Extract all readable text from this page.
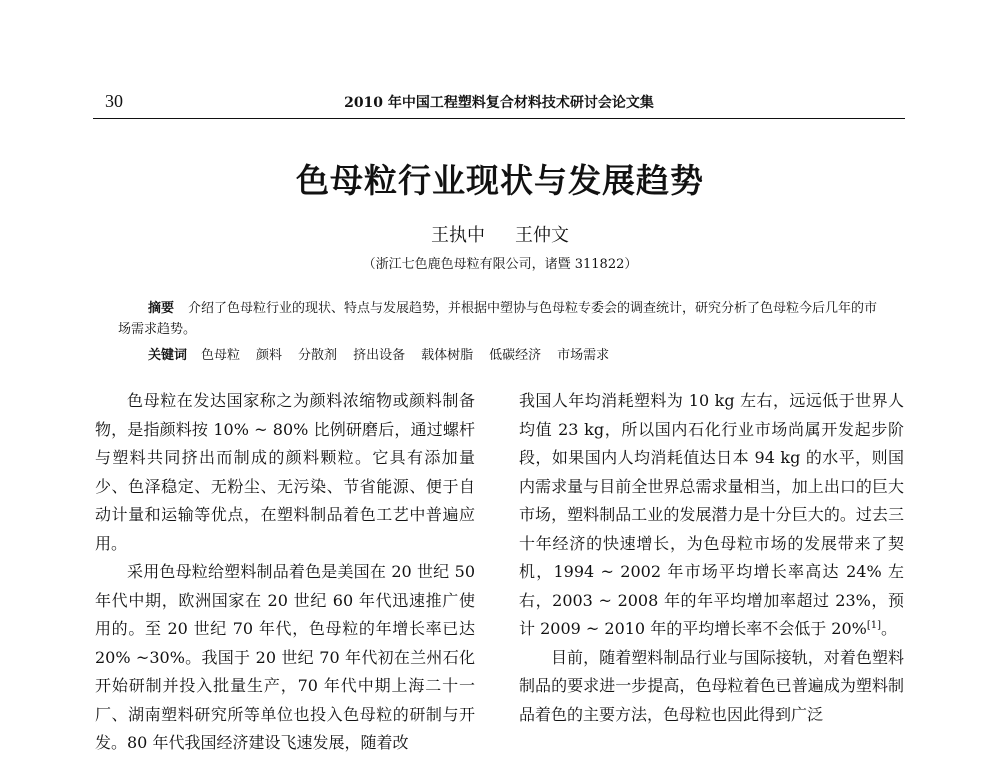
30	2010 年中国工程塑料复合材料技术研讨会论文集
色母粒行业现状与发展趋势
王执中 王仲文
（浙江七色鹿色母粒有限公司，诸暨 311822）
摘要 介绍了色母粒行业的现状、特点与发展趋势，并根据中塑协与色母粒专委会的调查统计，研究分析了色母粒今后几年的市场需求趋势。
关键词 色母粒 颜料 分散剂 挤出设备 载体树脂 低碳经济 市场需求

色母粒在发达国家称之为颜料浓缩物或颜料制备物，是指颜料按 10% ~ 80% 比例研磨后，通过螺杆与塑料共同挤出而制成的颜料颗粒。它具有添加量少、色泽稳定、无粉尘、无污染、节省能源、便于自动计量和运输等优点，在塑料制品着色工艺中普遍应用。

采用色母粒给塑料制品着色是美国在 20 世纪 50 年代中期，欧洲国家在 20 世纪 60 年代迅速推广使用的。至 20 世纪 70 年代，色母粒的年增长率已达20% ~30%。我国于 20 世纪 70 年代初在兰州石化开始研制并投入批量生产，70 年代中期上海二十一厂、湖南塑料研究所等单位也投入色母粒的研制与开发。80 年代我国经济建设飞速发展，随着改

我国人年均消耗塑料为 10 kg 左右，远远低于世界人均值 23 kg，所以国内石化行业市场尚属开发起步阶段，如果国内人均消耗值达日本 94 kg 的水平，则国内需求量与目前全世界总需求量相当，加上出口的巨大市场，塑料制品工业的发展潜力是十分巨大的。过去三十年经济的快速增长，为色母粒市场的发展带来了契机，1994 ~ 2002 年市场平均增长率高达 24% 左右，2003 ~ 2008 年的年平均增加率超过 23%，预计 2009 ~ 2010 年的平均增长率不会低于 20%[1]。

目前，随着塑料制品行业与国际接轨，对着色塑料制品的要求进一步提高，色母粒着色已普遍成为塑料制品着色的主要方法，色母粒也因此得到广泛
